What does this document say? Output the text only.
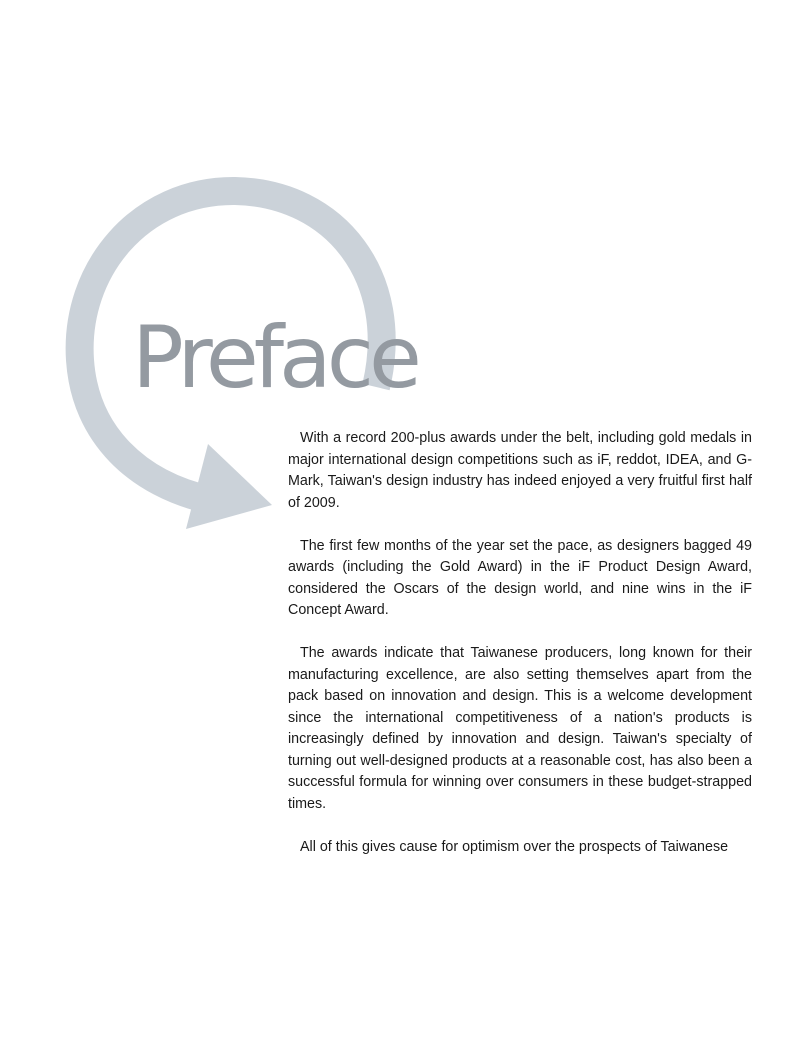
Preface

With a record 200-plus awards under the belt, including gold medals in major international design competitions such as iF, reddot, IDEA, and G-Mark, Taiwan's design industry has indeed enjoyed a very fruitful first half of 2009.

The first few months of the year set the pace, as designers bagged 49 awards (including the Gold Award) in the iF Product Design Award, considered the Oscars of the design world, and nine wins in the iF Concept Award.

The awards indicate that Taiwanese producers, long known for their manufacturing excellence, are also setting themselves apart from the pack based on innovation and design. This is a welcome development since the international competitiveness of a nation's products is increasingly defined by innovation and design. Taiwan's specialty of turning out well-designed products at a reasonable cost, has also been a successful formula for winning over consumers in these budget-strapped times.

All of this gives cause for optimism over the prospects of Taiwanese
